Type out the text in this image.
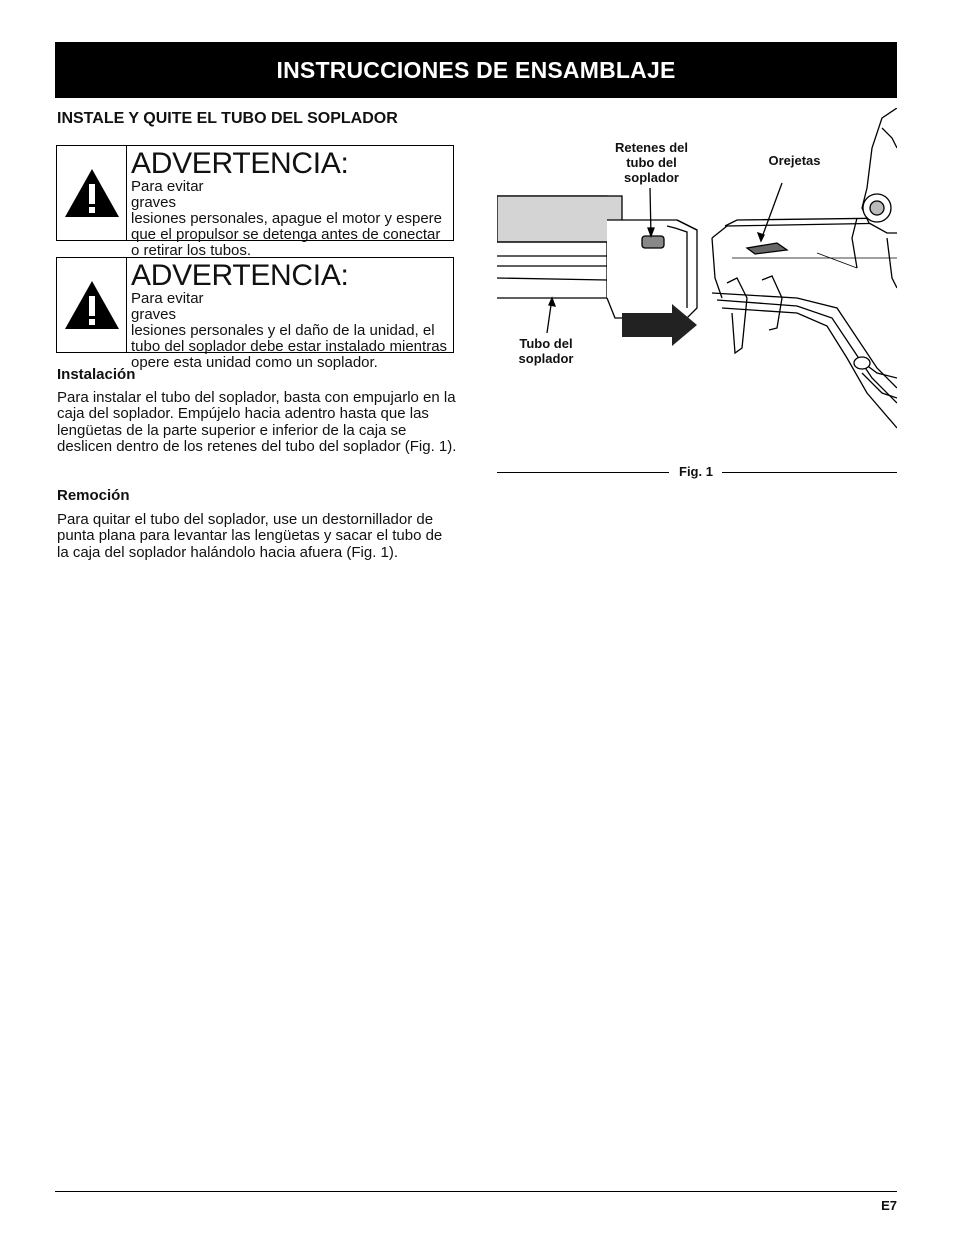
INSTRUCCIONES DE ENSAMBLAJE
INSTALE Y QUITE EL TUBO DEL SOPLADOR
ADVERTENCIA:
Para evitar graves
lesiones personales, apague el motor y espere que el propulsor se detenga antes de conectar o retirar los tubos.
ADVERTENCIA:
Para evitar graves
lesiones personales y el daño de la unidad, el tubo del soplador debe estar instalado mientras opere esta unidad como un soplador.
Instalación
Para instalar el tubo del soplador, basta con empujarlo en la caja del soplador. Empújelo hacia adentro hasta que las lengüetas de la parte superior e inferior de la caja se deslicen dentro de los retenes del tubo del soplador (Fig. 1).
Remoción
Para quitar el tubo del soplador, use un destornillador de punta plana para levantar las lengüetas y sacar el tubo de la caja del soplador halándolo hacia afuera (Fig. 1).
Retenes del tubo del soplador
Orejetas
Tubo del soplador
Fig. 1
E7
